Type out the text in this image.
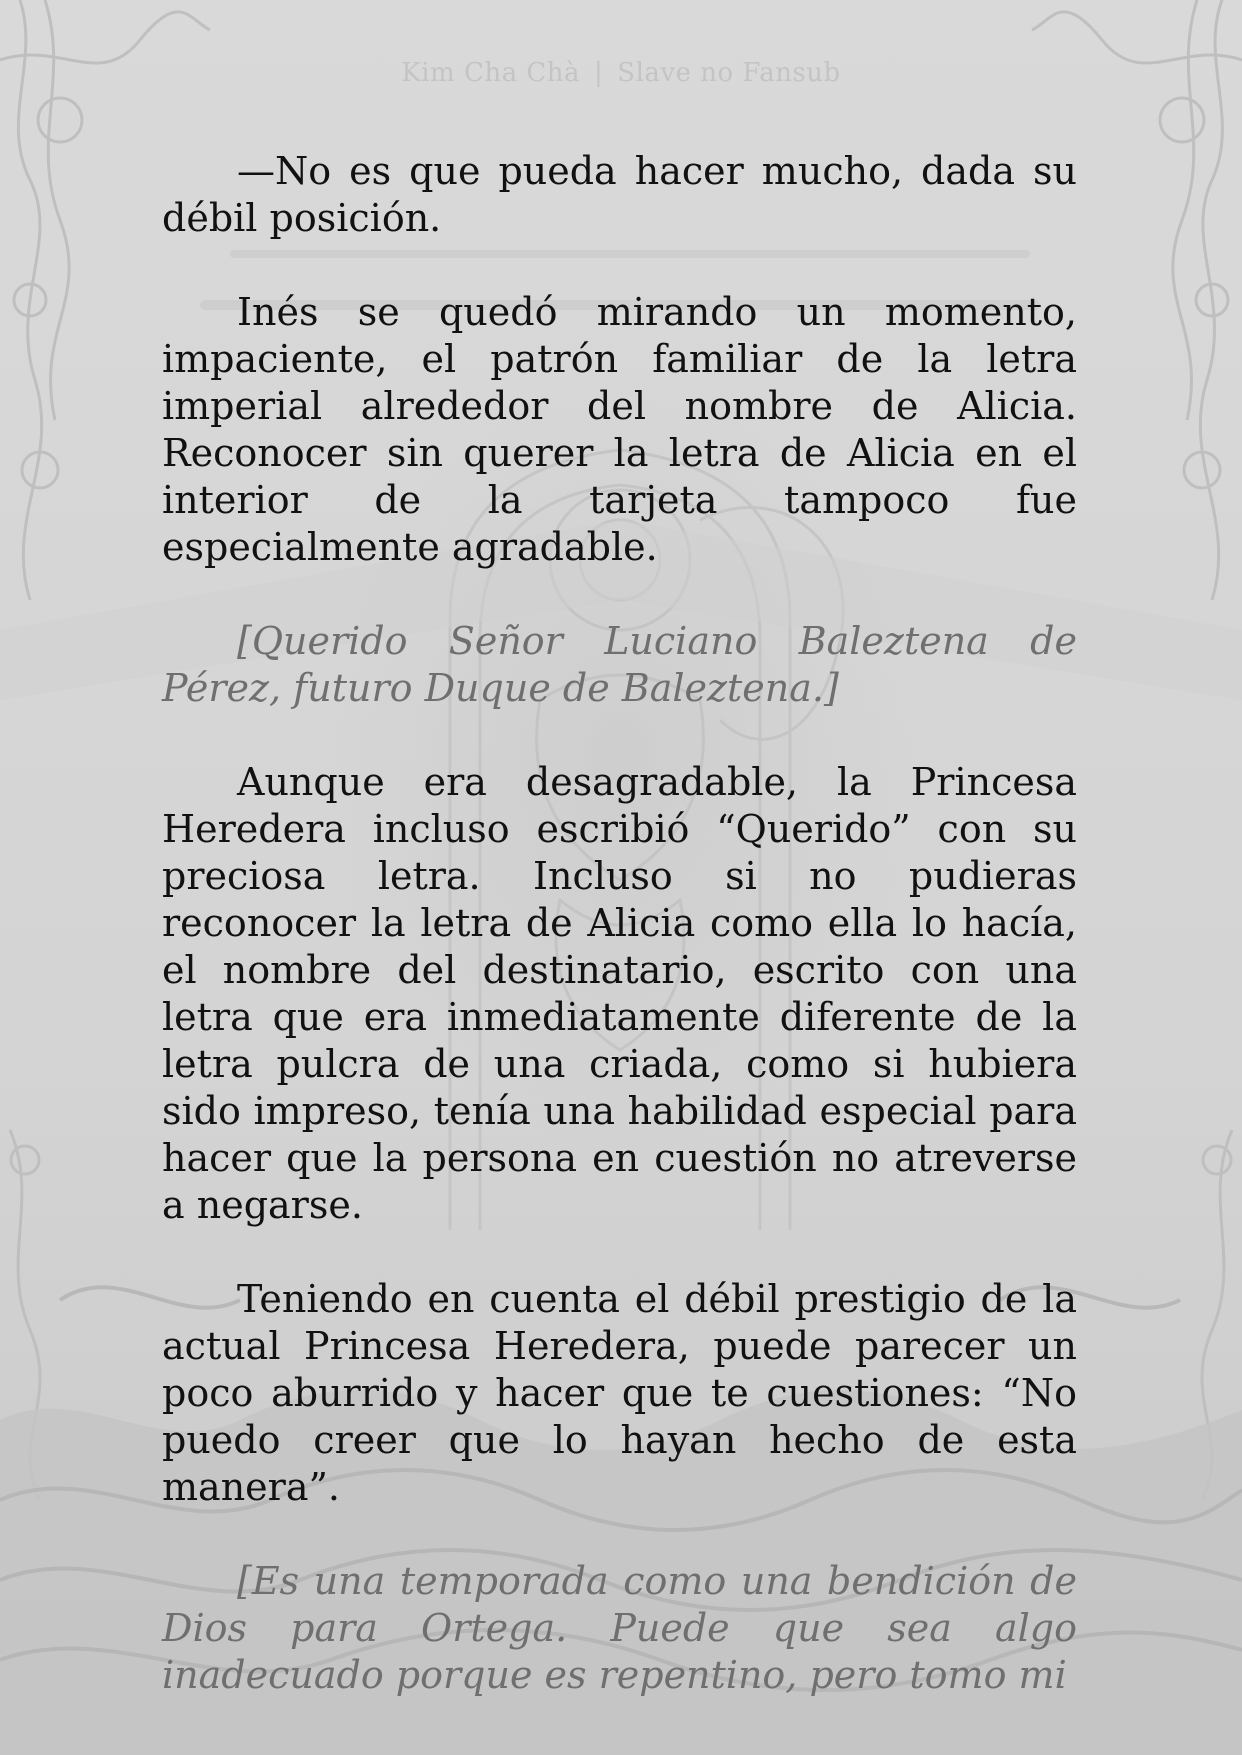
Kim Cha Chà | Slave no Fansub

—No es que pueda hacer mucho, dada su débil posición.

Inés se quedó mirando un momento, impaciente, el patrón familiar de la letra imperial alrededor del nombre de Alicia. Reconocer sin querer la letra de Alicia en el interior de la tarjeta tampoco fue especialmente agradable.

[Querido Señor Luciano Baleztena de Pérez, futuro Duque de Baleztena.]

Aunque era desagradable, la Princesa Heredera incluso escribió “Querido” con su preciosa letra. Incluso si no pudieras reconocer la letra de Alicia como ella lo hacía, el nombre del destinatario, escrito con una letra que era inmediatamente diferente de la letra pulcra de una criada, como si hubiera sido impreso, tenía una habilidad especial para hacer que la persona en cuestión no atreverse a negarse.

Teniendo en cuenta el débil prestigio de la actual Princesa Heredera, puede parecer un poco aburrido y hacer que te cuestiones: “No puedo creer que lo hayan hecho de esta manera”.

[Es una temporada como una bendición de Dios para Ortega. Puede que sea algo inadecuado porque es repentino, pero tomo mi
